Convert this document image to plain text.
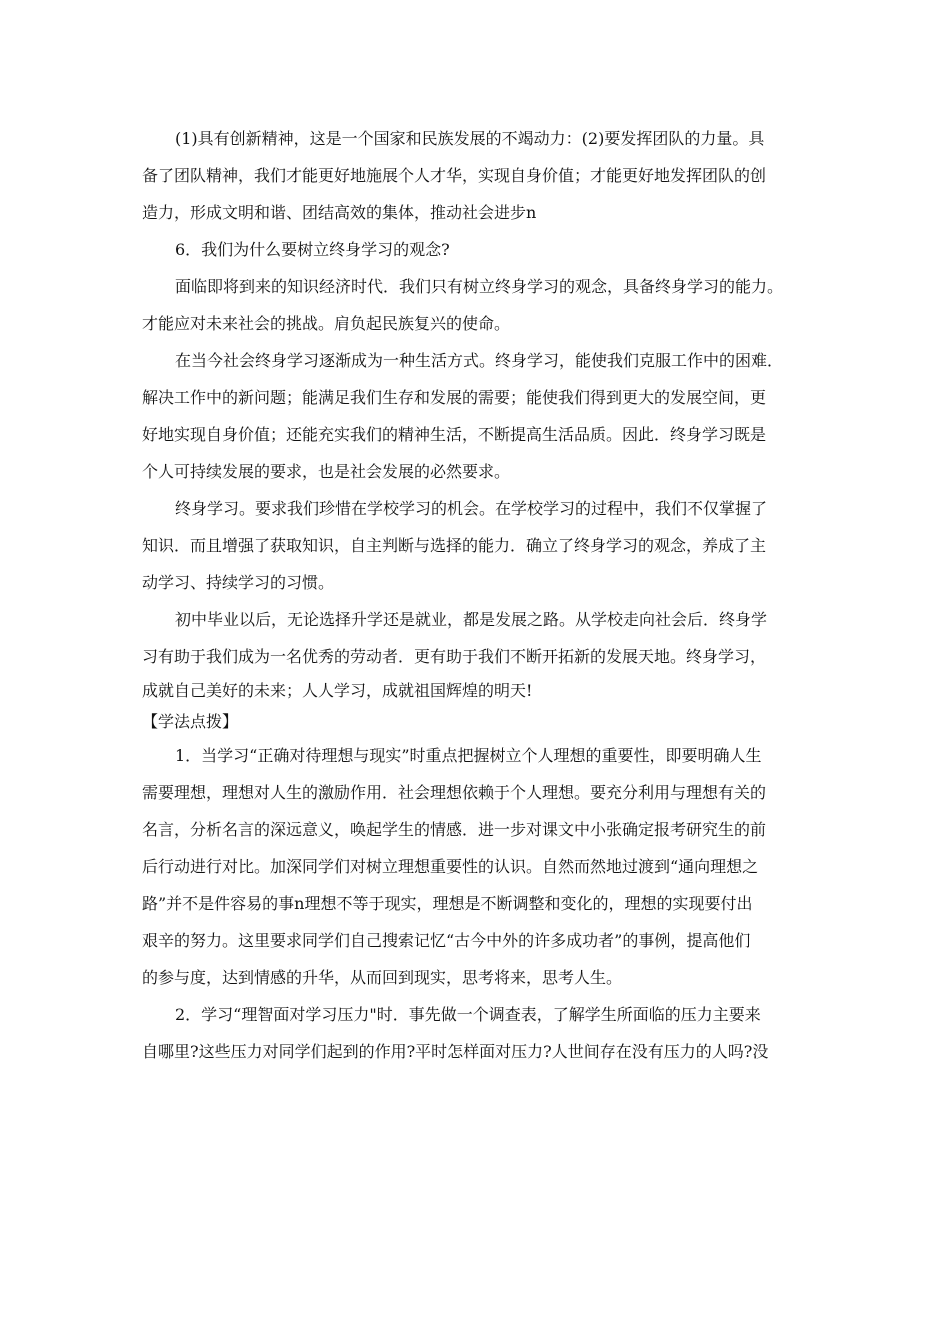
(1)具有创新精神，这是一个国家和民族发展的不竭动力：(2)要发挥团队的力量。具
备了团队精神，我们才能更好地施展个人才华，实现自身价值；才能更好地发挥团队的创
造力，形成文明和谐、团结高效的集体，推动社会进步n
6．我们为什么要树立终身学习的观念?
面临即将到来的知识经济时代．我们只有树立终身学习的观念，具备终身学习的能力。
才能应对未来社会的挑战。肩负起民族复兴的使命。
在当今社会终身学习逐渐成为一种生活方式。终身学习，能使我们克服工作中的困难．
解决工作中的新问题；能满足我们生存和发展的需要；能使我们得到更大的发展空间，更
好地实现自身价值；还能充实我们的精神生活，不断提高生活品质。因此．终身学习既是
个人可持续发展的要求，也是社会发展的必然要求。
终身学习。要求我们珍惜在学校学习的机会。在学校学习的过程中，我们不仅掌握了
知识．而且增强了获取知识，自主判断与选择的能力．确立了终身学习的观念，养成了主
动学习、持续学习的习惯。
初中毕业以后，无论选择升学还是就业，都是发展之路。从学校走向社会后．终身学
习有助于我们成为一名优秀的劳动者．更有助于我们不断开拓新的发展天地。终身学习，
成就自己美好的未来；人人学习，成就祖国辉煌的明天!
【学法点拨】
1．当学习“正确对待理想与现实”时重点把握树立个人理想的重要性，即要明确人生
需要理想，理想对人生的激励作用．社会理想依赖于个人理想。要充分利用与理想有关的
名言，分析名言的深远意义，唤起学生的情感．进一步对课文中小张确定报考研究生的前
后行动进行对比。加深同学们对树立理想重要性的认识。自然而然地过渡到“通向理想之
路”并不是件容易的事n理想不等于现实，理想是不断调整和变化的，理想的实现要付出
艰辛的努力。这里要求同学们自己搜索记忆“古今中外的许多成功者”的事例，提高他们
的参与度，达到情感的升华，从而回到现实，思考将来，思考人生。
2．学习“理智面对学习压力"时．事先做一个调查表，了解学生所面临的压力主要来
自哪里?这些压力对同学们起到的作用?平时怎样面对压力?人世间存在没有压力的人吗?没
